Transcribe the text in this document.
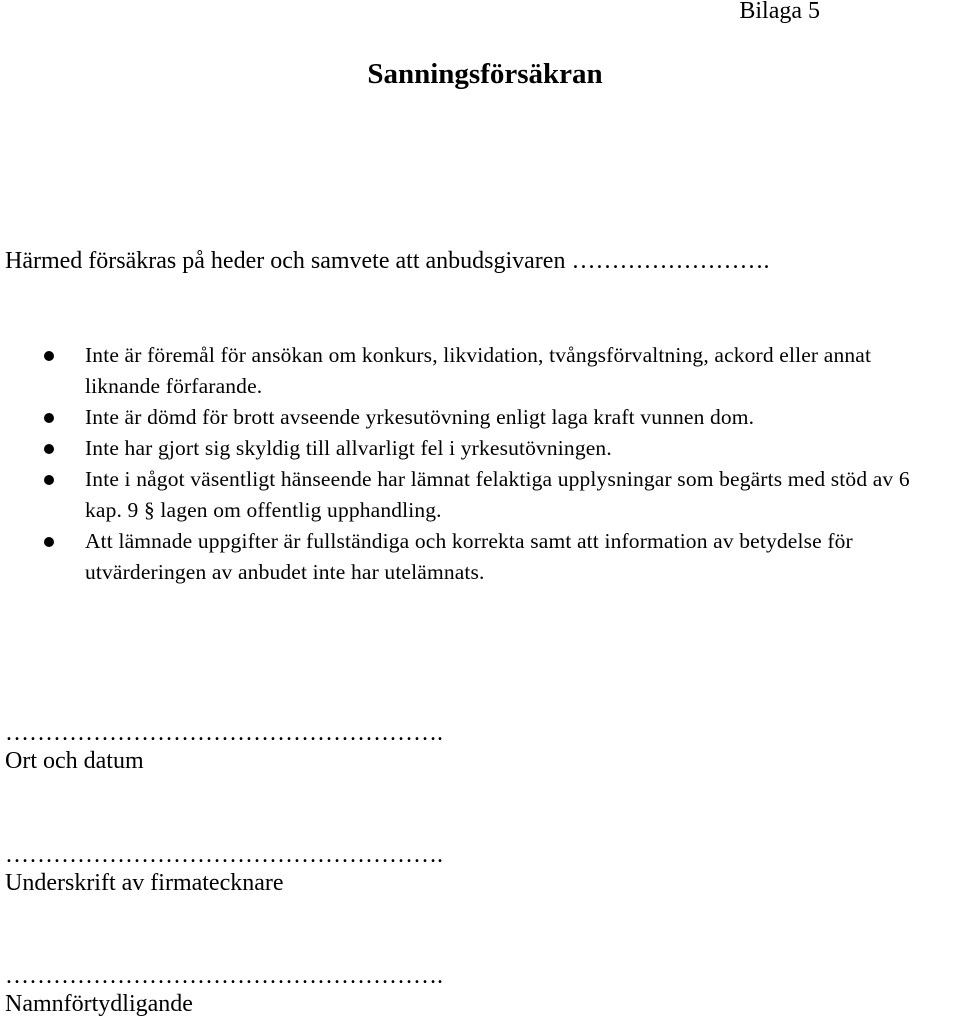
Bilaga 5
Sanningsförsäkran
Härmed försäkras på heder och samvete att anbudsgivaren …………………….
Inte är föremål för ansökan om konkurs, likvidation, tvångsförvaltning, ackord eller annat liknande förfarande.
Inte är dömd för brott avseende yrkesutövning enligt laga kraft vunnen dom.
Inte har gjort sig skyldig till allvarligt fel i yrkesutövningen.
Inte i något väsentligt hänseende har lämnat felaktiga upplysningar som begärts med stöd av 6 kap. 9 § lagen om offentlig upphandling.
Att lämnade uppgifter är fullständiga och korrekta samt att information av betydelse för utvärderingen av anbudet inte har utelämnats.
……………………………………………….
Ort och datum
……………………………………………….
Underskrift av firmatecknare
……………………………………………….
Namnförtydligande
